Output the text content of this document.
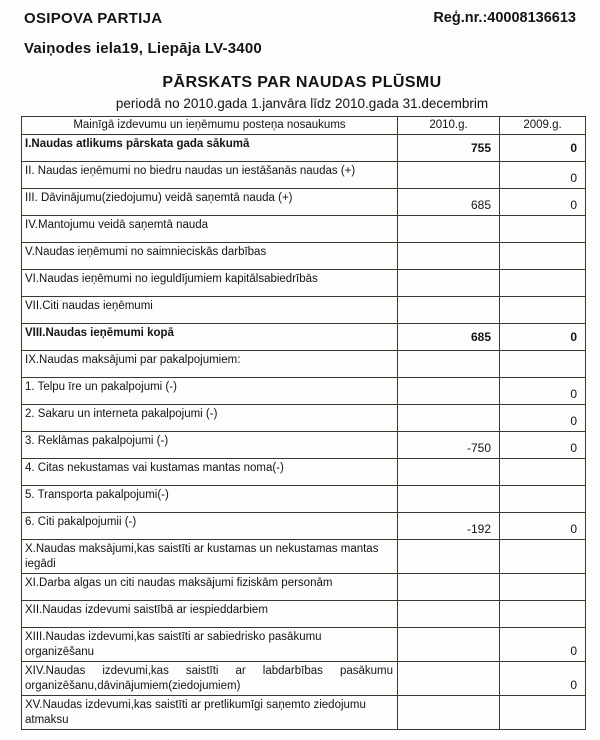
OSIPOVA PARTIJA	Reģ.nr.:40008136613
Vaiņodes iela19, Liepāja LV-3400
PĀRSKATS PAR NAUDAS PLŪSMU
periodā no 2010.gada 1.janvāra līdz 2010.gada 31.decembrim
Mainīgā izdevumu un ieņēmumu posteņa nosaukums	2010.g.	2009.g.
I.Naudas atlikums pārskata gada sākumā	755	0
II. Naudas ieņēmumi no biedru naudas un iestāšanās naudas (+)		0
III. Dāvinājumu(ziedojumu) veidā saņemtā nauda (+)	685	0
IV.Mantojumu veidā saņemtā nauda		
V.Naudas ieņēmumi no saimnieciskās darbības		
VI.Naudas ieņēmumi no ieguldījumiem kapitālsabiedrībās		
VII.Citi naudas ieņēmumi		
VIII.Naudas ieņēmumi kopā	685	0
IX.Naudas maksājumi par pakalpojumiem:		
1. Telpu īre un pakalpojumi (-)		0
2. Sakaru un interneta pakalpojumi (-)		0
3. Reklāmas pakalpojumi (-)	-750	0
4. Citas nekustamas vai kustamas mantas noma(-)		
5. Transporta pakalpojumi(-)		
6. Citi pakalpojumii (-)	-192	0
X.Naudas maksājumi,kas saistīti ar kustamas un nekustamas mantas iegādi		
XI.Darba algas un citi naudas maksājumi fiziskām personām		
XII.Naudas izdevumi saistībā ar iespieddarbiem		
XIII.Naudas izdevumi,kas saistīti ar sabiedrisko pasākumu organizēšanu		0
XIV.Naudas izdevumi,kas saistīti ar labdarbības pasākumu organizēšanu,dāvinājumiem(ziedojumiem)		0
XV.Naudas izdevumi,kas saistīti ar pretlikumīgi saņemto ziedojumu atmaksu		
